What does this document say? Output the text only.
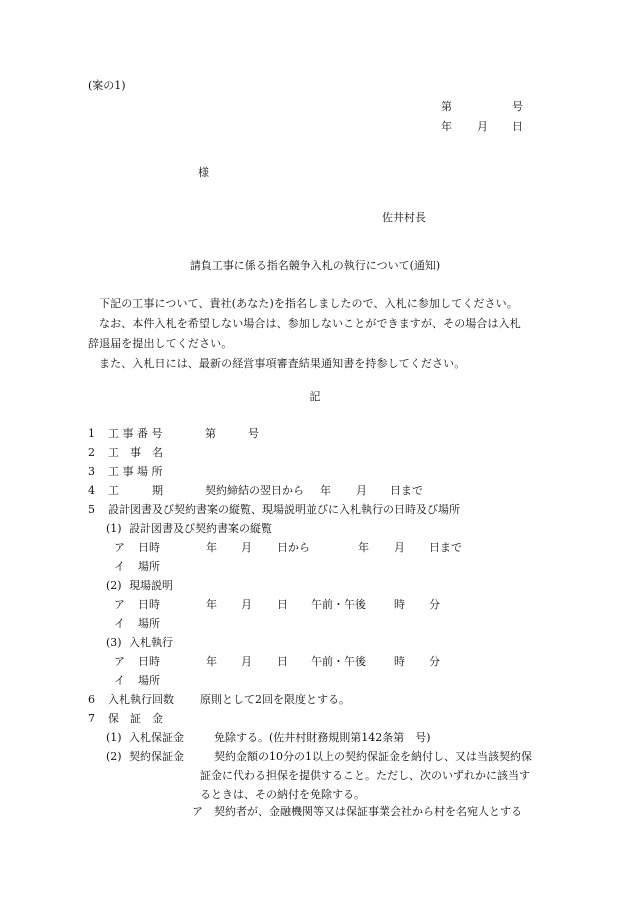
(案の1)
第	号
年 月 日
様
佐井村長
請負工事に係る指名競争入札の執行について(通知)

下記の工事について、貴社(あなた)を指名しましたので、入札に参加してください。

なお、本件入札を希望しない場合は、参加しないことができますが、その場合は入札

辞退届を提出してください。

また、入札日には、最新の経営事項審査結果通知書を持参してください。

記
1 工 事 番 号	第	号
2 工　事　名
3 工 事 場 所
4 工　　　期	契約締結の翌日から 年 月 日まで
5 設計図書及び契約書案の縦覧、現場説明並びに入札執行の日時及び場所
(1) 設計図書及び契約書案の縦覧
ア 日時	年 月 日から	年 月 日まで
イ 場所
(2) 現場説明
ア 日時	年 月 日 午前・午後	時 分
イ 場所
(3) 入札執行
ア 日時	年 月 日 午前・午後	時 分
イ 場所
6 入札執行回数 原則として2回を限度とする。
7 保　証　金
(1) 入札保証金	免除する。(佐井村財務規則第142条第　号)
(2) 契約保証金	契約金額の10分の1以上の契約保証金を納付し、又は当該契約保
証金に代わる担保を提供すること。ただし、次のいずれかに該当す
るときは、その納付を免除する。
ア 契約者が、金融機関等又は保証事業会社から村を名宛人とする
